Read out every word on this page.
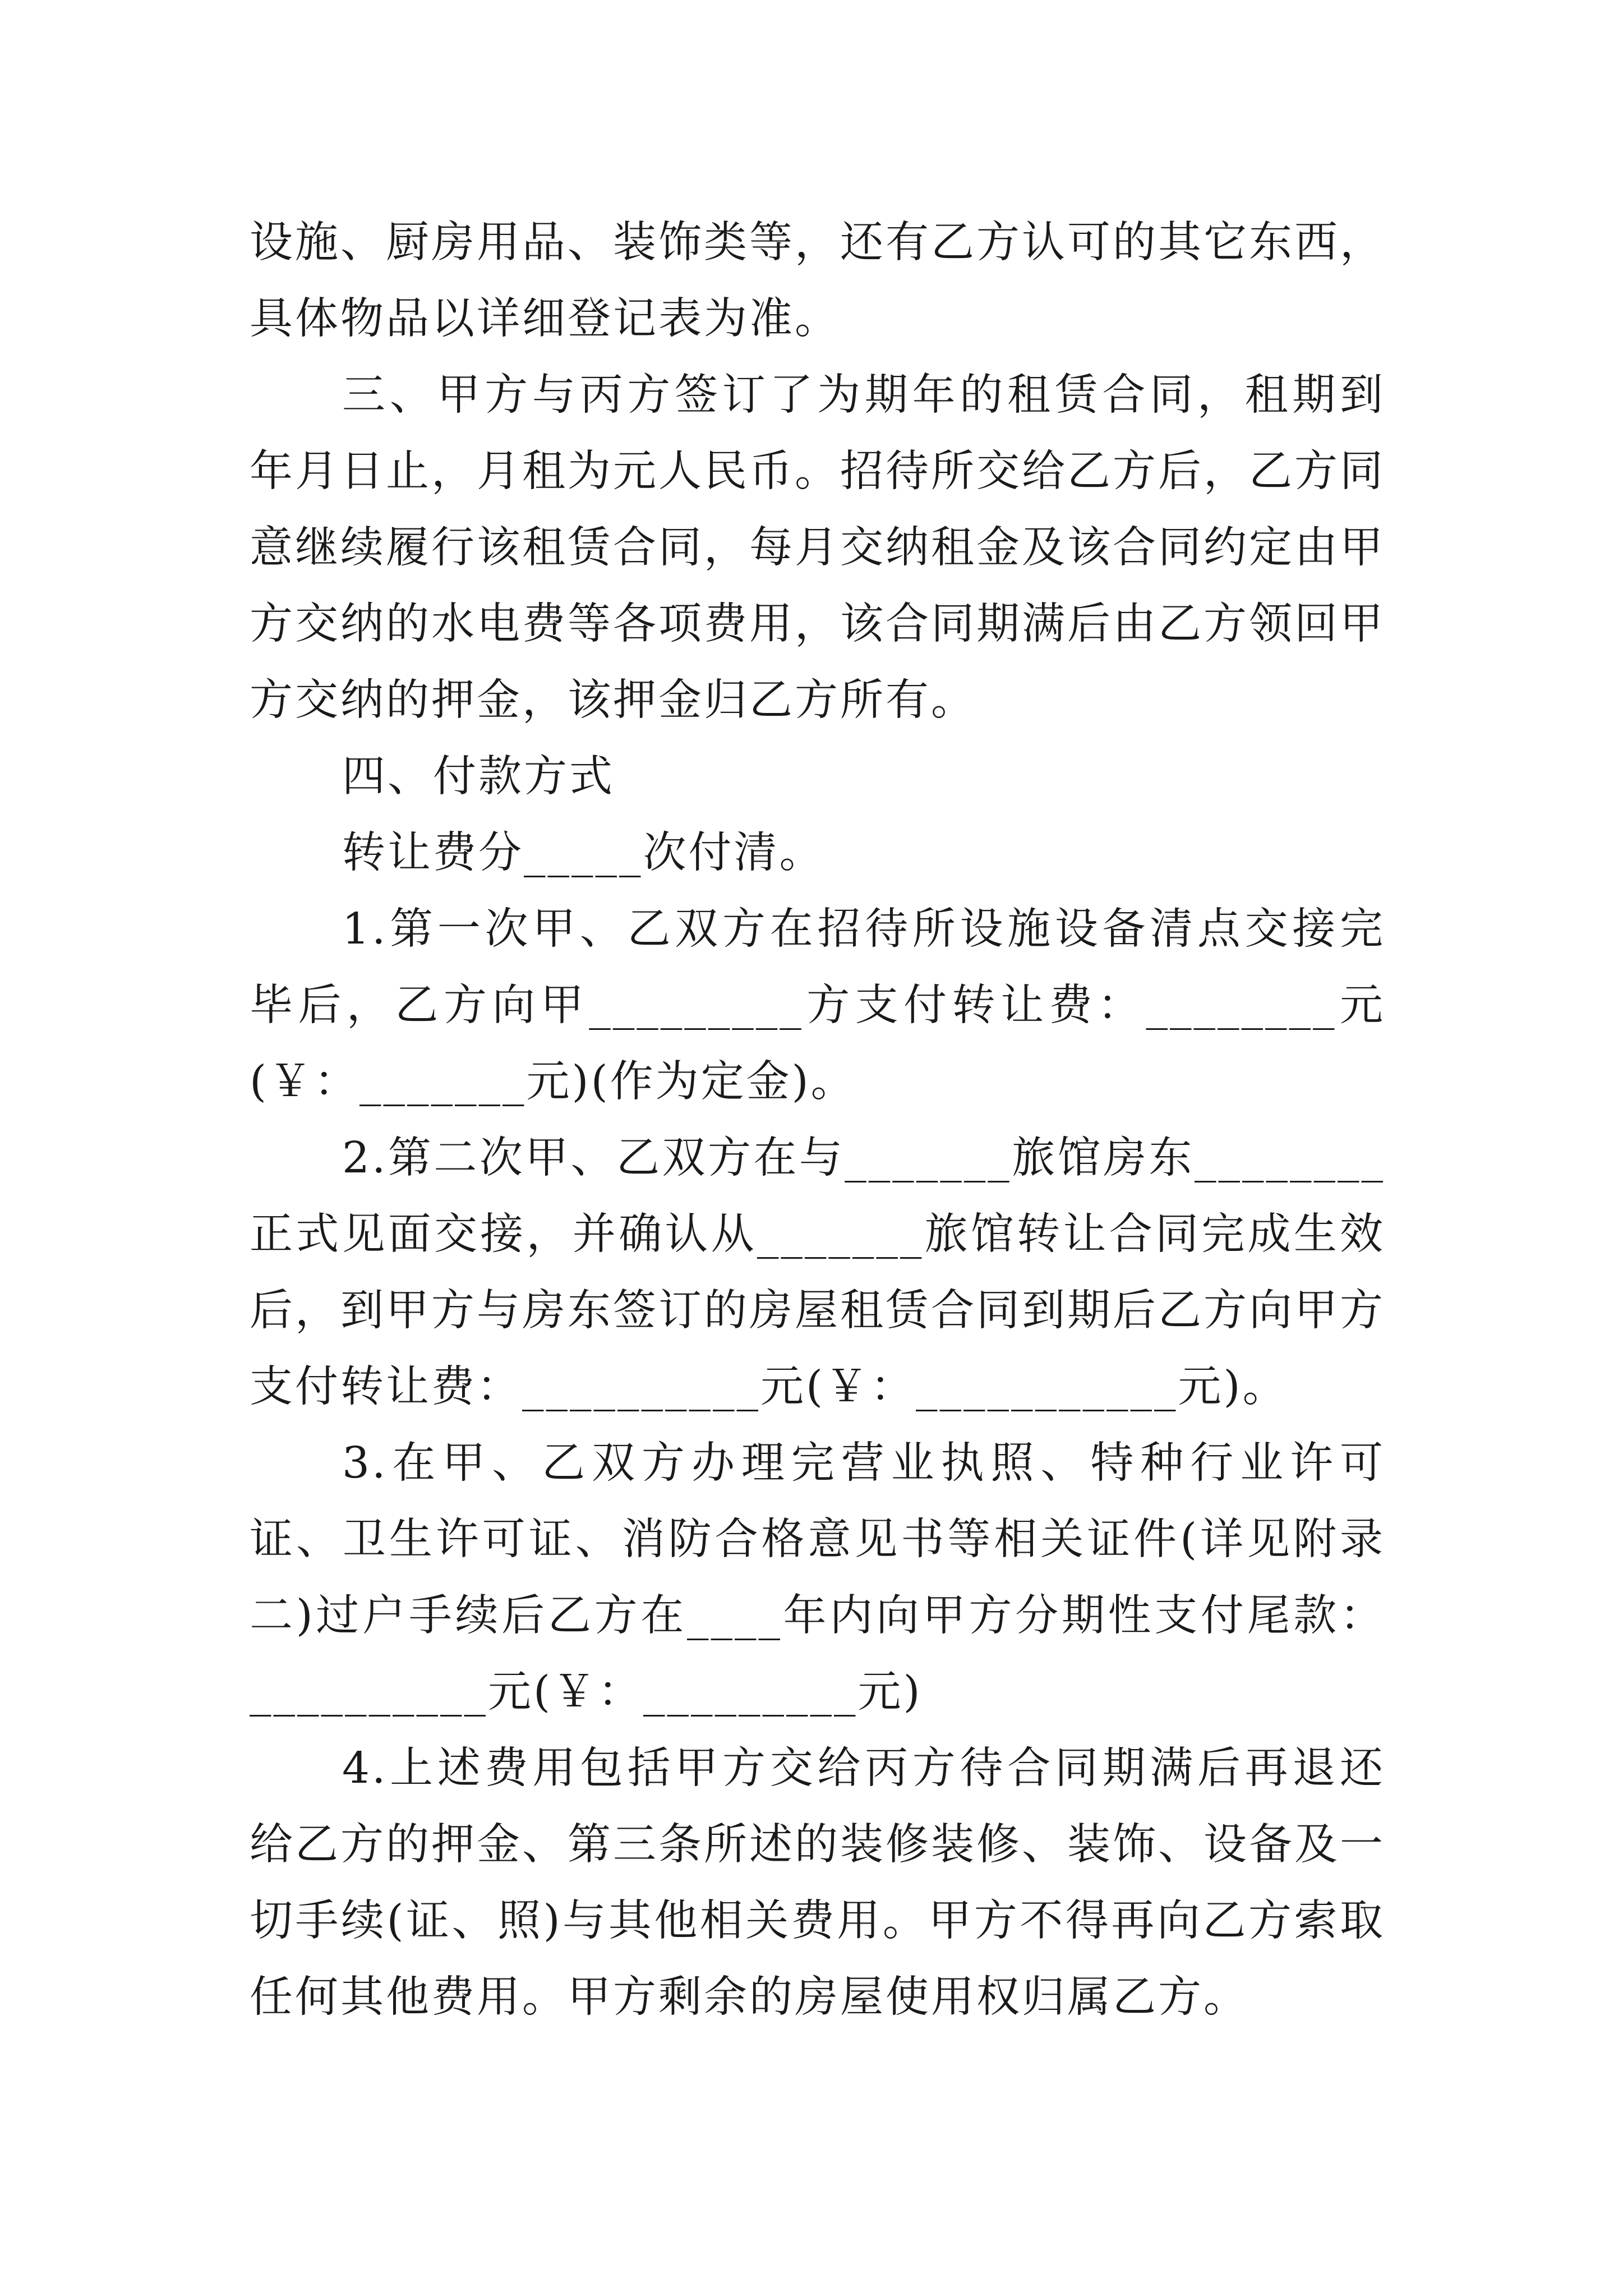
设施、厨房用品、装饰类等，还有乙方认可的其它东西，具体物品以详细登记表为准。

三、甲方与丙方签订了为期年的租赁合同，租期到年月日止，月租为元人民币。招待所交给乙方后，乙方同意继续履行该租赁合同，每月交纳租金及该合同约定由甲方交纳的水电费等各项费用，该合同期满后由乙方领回甲方交纳的押金，该押金归乙方所有。

四、付款方式

转让费分_____次付清。

1.第一次甲、乙双方在招待所设施设备清点交接完毕后，乙方向甲_________方支付转让费：________元(￥：_______元)(作为定金)。

2.第二次甲、乙双方在与_______旅馆房东________正式见面交接，并确认从_______旅馆转让合同完成生效后，到甲方与房东签订的房屋租赁合同到期后乙方向甲方支付转让费：__________元(￥：___________元)。

3.在甲、乙双方办理完营业执照、特种行业许可证、卫生许可证、消防合格意见书等相关证件(详见附录二)过户手续后乙方在____年内向甲方分期性支付尾款：__________元(￥：_________元)

4.上述费用包括甲方交给丙方待合同期满后再退还给乙方的押金、第三条所述的装修装修、装饰、设备及一切手续(证、照)与其他相关费用。甲方不得再向乙方索取任何其他费用。甲方剩余的房屋使用权归属乙方。
